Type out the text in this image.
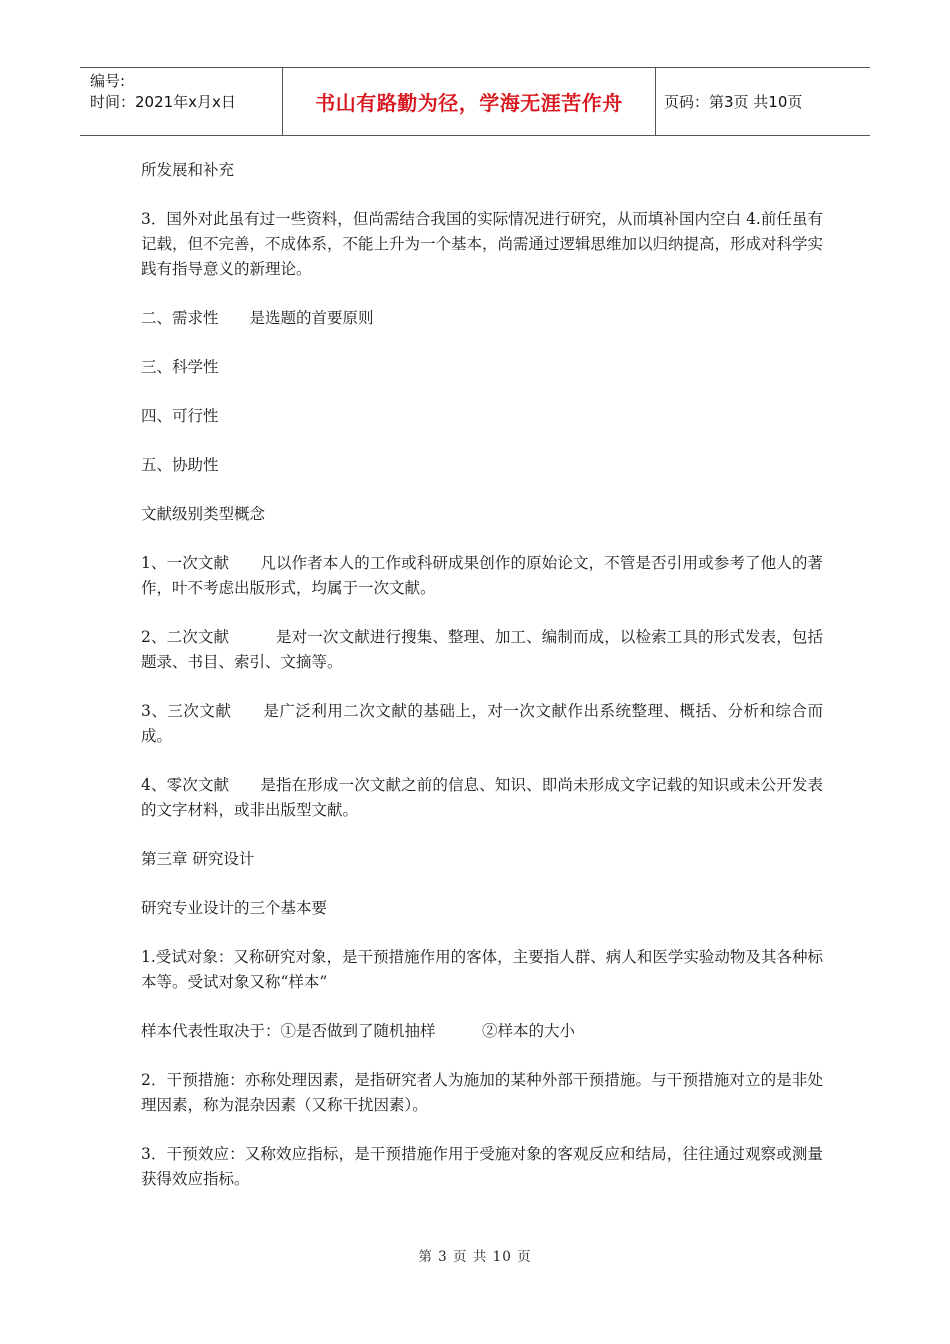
编号:
时间：2021年x月x日	书山有路勤为径，学海无涯苦作舟	页码：第3页 共10页

所发展和补充

3．国外对此虽有过一些资料，但尚需结合我国的实际情况进行研究，从而填补国内空白 4.前任虽有记载，但不完善，不成体系，不能上升为一个基本，尚需通过逻辑思维加以归纳提高，形成对科学实践有指导意义的新理论。

二、需求性　　是选题的首要原则

三、科学性

四、可行性

五、协助性

文献级别类型概念

1、一次文献　　凡以作者本人的工作或科研成果创作的原始论文，不管是否引用或参考了他人的著作，叶不考虑出版形式，均属于一次文献。

2、二次文献　　　是对一次文献进行搜集、整理、加工、编制而成，以检索工具的形式发表，包括题录、书目、索引、文摘等。

3、三次文献　　是广泛利用二次文献的基础上，对一次文献作出系统整理、概括、分析和综合而成。

4、零次文献　　是指在形成一次文献之前的信息、知识、即尚未形成文字记载的知识或未公开发表的文字材料，或非出版型文献。

第三章 研究设计

研究专业设计的三个基本要

1.受试对象：又称研究对象，是干预措施作用的客体，主要指人群、病人和医学实验动物及其各种标本等。受试对象又称“样本”

样本代表性取决于：①是否做到了随机抽样　　　②样本的大小

2．干预措施：亦称处理因素，是指研究者人为施加的某种外部干预措施。与干预措施对立的是非处理因素，称为混杂因素（又称干扰因素）。

3．干预效应：又称效应指标，是干预措施作用于受施对象的客观反应和结局，往往通过观察或测量获得效应指标。

第 3 页 共 10 页
